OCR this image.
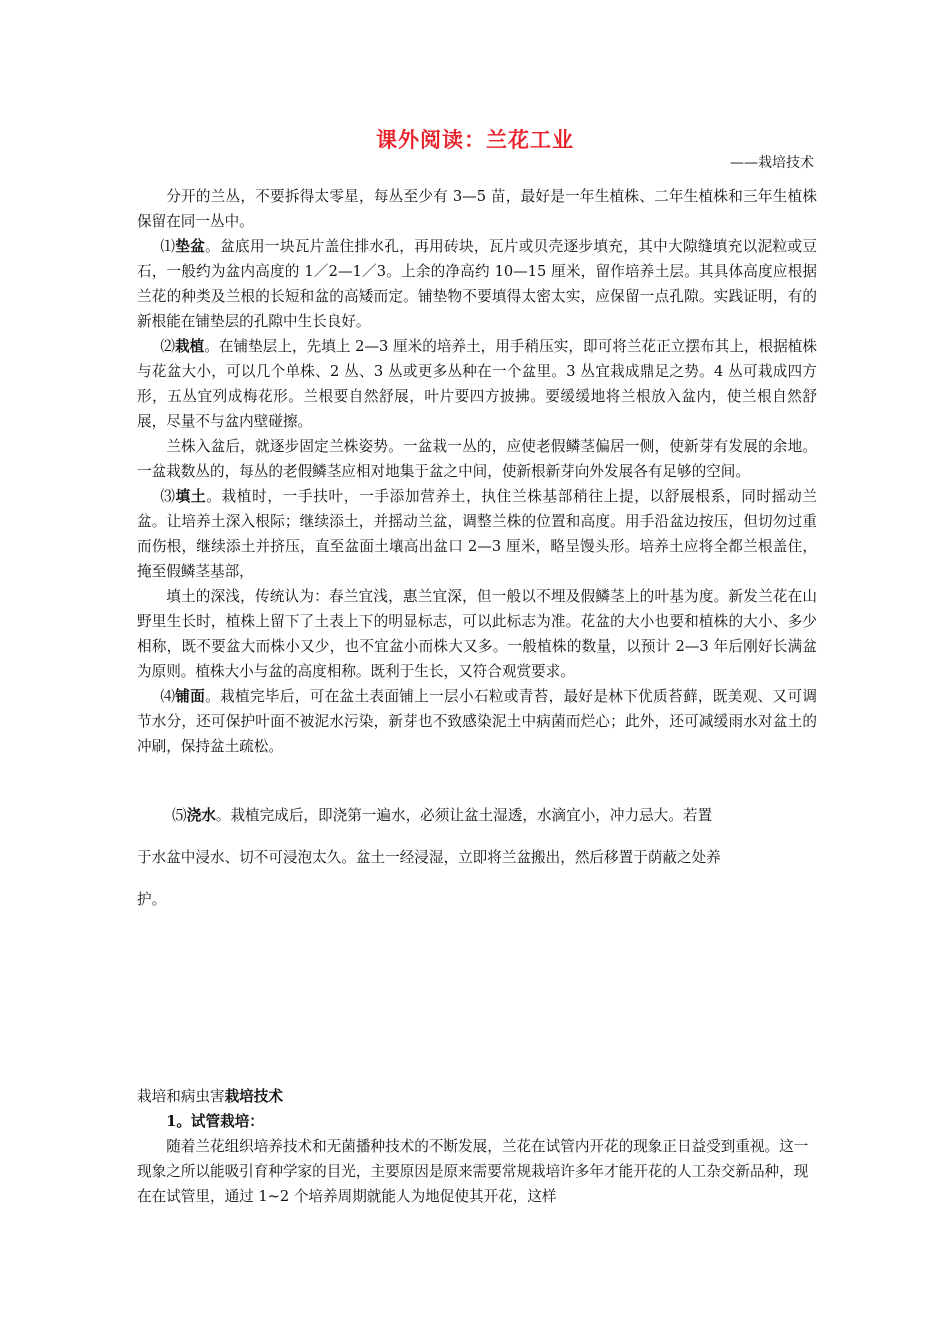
课外阅读：兰花工业
——栽培技术

分开的兰丛，不要拆得太零星，每丛至少有 3—5 苗，最好是一年生植株、二年生植株和三年生植株保留在同一丛中。

⑴垫盆。盆底用一块瓦片盖住排水孔，再用砖块，瓦片或贝壳逐步填充，其中大隙缝填充以泥粒或豆石，一般约为盆内高度的 1／2—1／3。上余的净高约 10—15 厘米，留作培养土层。其具体高度应根据兰花的种类及兰根的长短和盆的高矮而定。铺垫物不要填得太密太实，应保留一点孔隙。实践证明，有的新根能在铺垫层的孔隙中生长良好。

⑵栽植。在铺垫层上，先填上 2—3 厘米的培养土，用手稍压实，即可将兰花正立摆布其上，根据植株与花盆大小，可以几个单株、2 丛、3 丛或更多丛种在一个盆里。3 丛宜栽成鼎足之势。4 丛可栽成四方形，五丛宜列成梅花形。兰根要自然舒展，叶片要四方披拂。要缓缓地将兰根放入盆内，使兰根自然舒展，尽量不与盆内壁碰擦。

兰株入盆后，就逐步固定兰株姿势。一盆栽一丛的，应使老假鳞茎偏居一侧，使新芽有发展的余地。 一盆栽数丛的，每丛的老假鳞茎应相对地集于盆之中间，使新根新芽向外发展各有足够的空间。

⑶填土。栽植时，一手扶叶，一手添加营养土，执住兰株基部稍往上提，以舒展根系，同时摇动兰盆。让培养土深入根际；继续添土，并摇动兰盆，调整兰株的位置和高度。用手沿盆边按压，但切勿过重而伤根，继续添土并挤压，直至盆面土壤高出盆口 2—3 厘米，略呈馒头形。培养土应将全都兰根盖住，掩至假鳞茎基部，

填土的深浅，传统认为：春兰宜浅，惠兰宜深，但一般以不埋及假鳞茎上的叶基为度。新发兰花在山野里生长时，植株上留下了土表上下的明显标志，可以此标志为准。花盆的大小也要和植株的大小、多少相称，既不要盆大而株小又少，也不宜盆小而株大又多。一般植株的数量，以预计 2—3 年后刚好长满盆为原则。植株大小与盆的高度相称。既利于生长，又符合观赏要求。

⑷铺面。栽植完毕后，可在盆土表面铺上一层小石粒或青苔，最好是林下优质苔藓，既美观、又可调节水分，还可保护叶面不被泥水污染，新芽也不致感染泥土中病菌而烂心；此外，还可减缓雨水对盆土的冲刷，保持盆土疏松。

⑸浇水。栽植完成后，即浇第一遍水，必须让盆土湿透，水滴宜小，冲力忌大。若置

于水盆中浸水、切不可浸泡太久。盆土一经浸湿，立即将兰盆搬出，然后移置于荫蔽之处养

护。

栽培和病虫害栽培技术

1。试管栽培：

随着兰花组织培养技术和无菌播种技术的不断发展，兰花在试管内开花的现象正日益受到重视。这一现象之所以能吸引育种学家的目光，主要原因是原来需要常规栽培许多年才能开花的人工杂交新品种，现在在试管里，通过 1~2 个培养周期就能人为地促使其开花，这样
